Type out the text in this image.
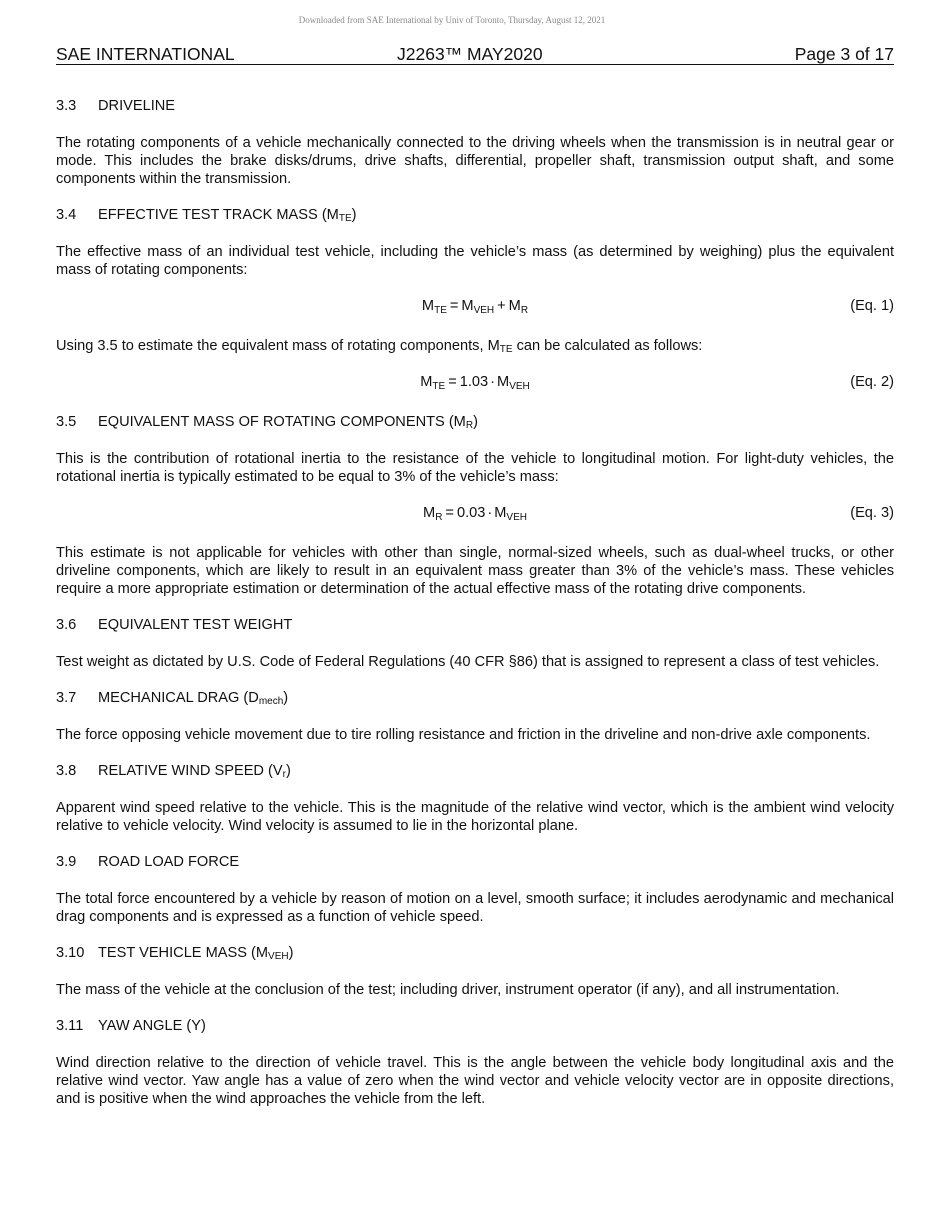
Downloaded from SAE International by Univ of Toronto, Thursday, August 12, 2021
SAE INTERNATIONAL	J2263™ MAY2020	Page 3 of 17
3.3 DRIVELINE

The rotating components of a vehicle mechanically connected to the driving wheels when the transmission is in neutral gear or mode. This includes the brake disks/drums, drive shafts, differential, propeller shaft, transmission output shaft, and some components within the transmission.

3.4 EFFECTIVE TEST TRACK MASS $(M_{TE})$

The effective mass of an individual test vehicle, including the vehicle’s mass (as determined by weighing) plus the equivalent mass of rotating components:

$M_{TE} = M_{VEH} + M_R$	(Eq. 1)

Using 3.5 to estimate the equivalent mass of rotating components, $M_{TE}$ can be calculated as follows:

$M_{TE} = 1.03 \cdot M_{VEH}$	(Eq. 2)
3.5 EQUIVALENT MASS OF ROTATING COMPONENTS $(M_R)$

This is the contribution of rotational inertia to the resistance of the vehicle to longitudinal motion. For light-duty vehicles, the rotational inertia is typically estimated to be equal to 3% of the vehicle’s mass:

$M_R = 0.03 \cdot M_{VEH}$	(Eq. 3)

This estimate is not applicable for vehicles with other than single, normal-sized wheels, such as dual-wheel trucks, or other driveline components, which are likely to result in an equivalent mass greater than 3% of the vehicle’s mass. These vehicles require a more appropriate estimation or determination of the actual effective mass of the rotating drive components.

3.6 EQUIVALENT TEST WEIGHT

Test weight as dictated by U.S. Code of Federal Regulations (40 CFR §86) that is assigned to represent a class of test vehicles.

3.7 MECHANICAL DRAG $(D_{mech})$

The force opposing vehicle movement due to tire rolling resistance and friction in the driveline and non-drive axle components.

3.8 RELATIVE WIND SPEED $(V_r)$

Apparent wind speed relative to the vehicle. This is the magnitude of the relative wind vector, which is the ambient wind velocity relative to vehicle velocity. Wind velocity is assumed to lie in the horizontal plane.

3.9 ROAD LOAD FORCE

The total force encountered by a vehicle by reason of motion on a level, smooth surface; it includes aerodynamic and mechanical drag components and is expressed as a function of vehicle speed.

3.10 TEST VEHICLE MASS $(M_{VEH})$

The mass of the vehicle at the conclusion of the test; including driver, instrument operator (if any), and all instrumentation.

3.11 YAW ANGLE (Y)

Wind direction relative to the direction of vehicle travel. This is the angle between the vehicle body longitudinal axis and the relative wind vector. Yaw angle has a value of zero when the wind vector and vehicle velocity vector are in opposite directions, and is positive when the wind approaches the vehicle from the left.
